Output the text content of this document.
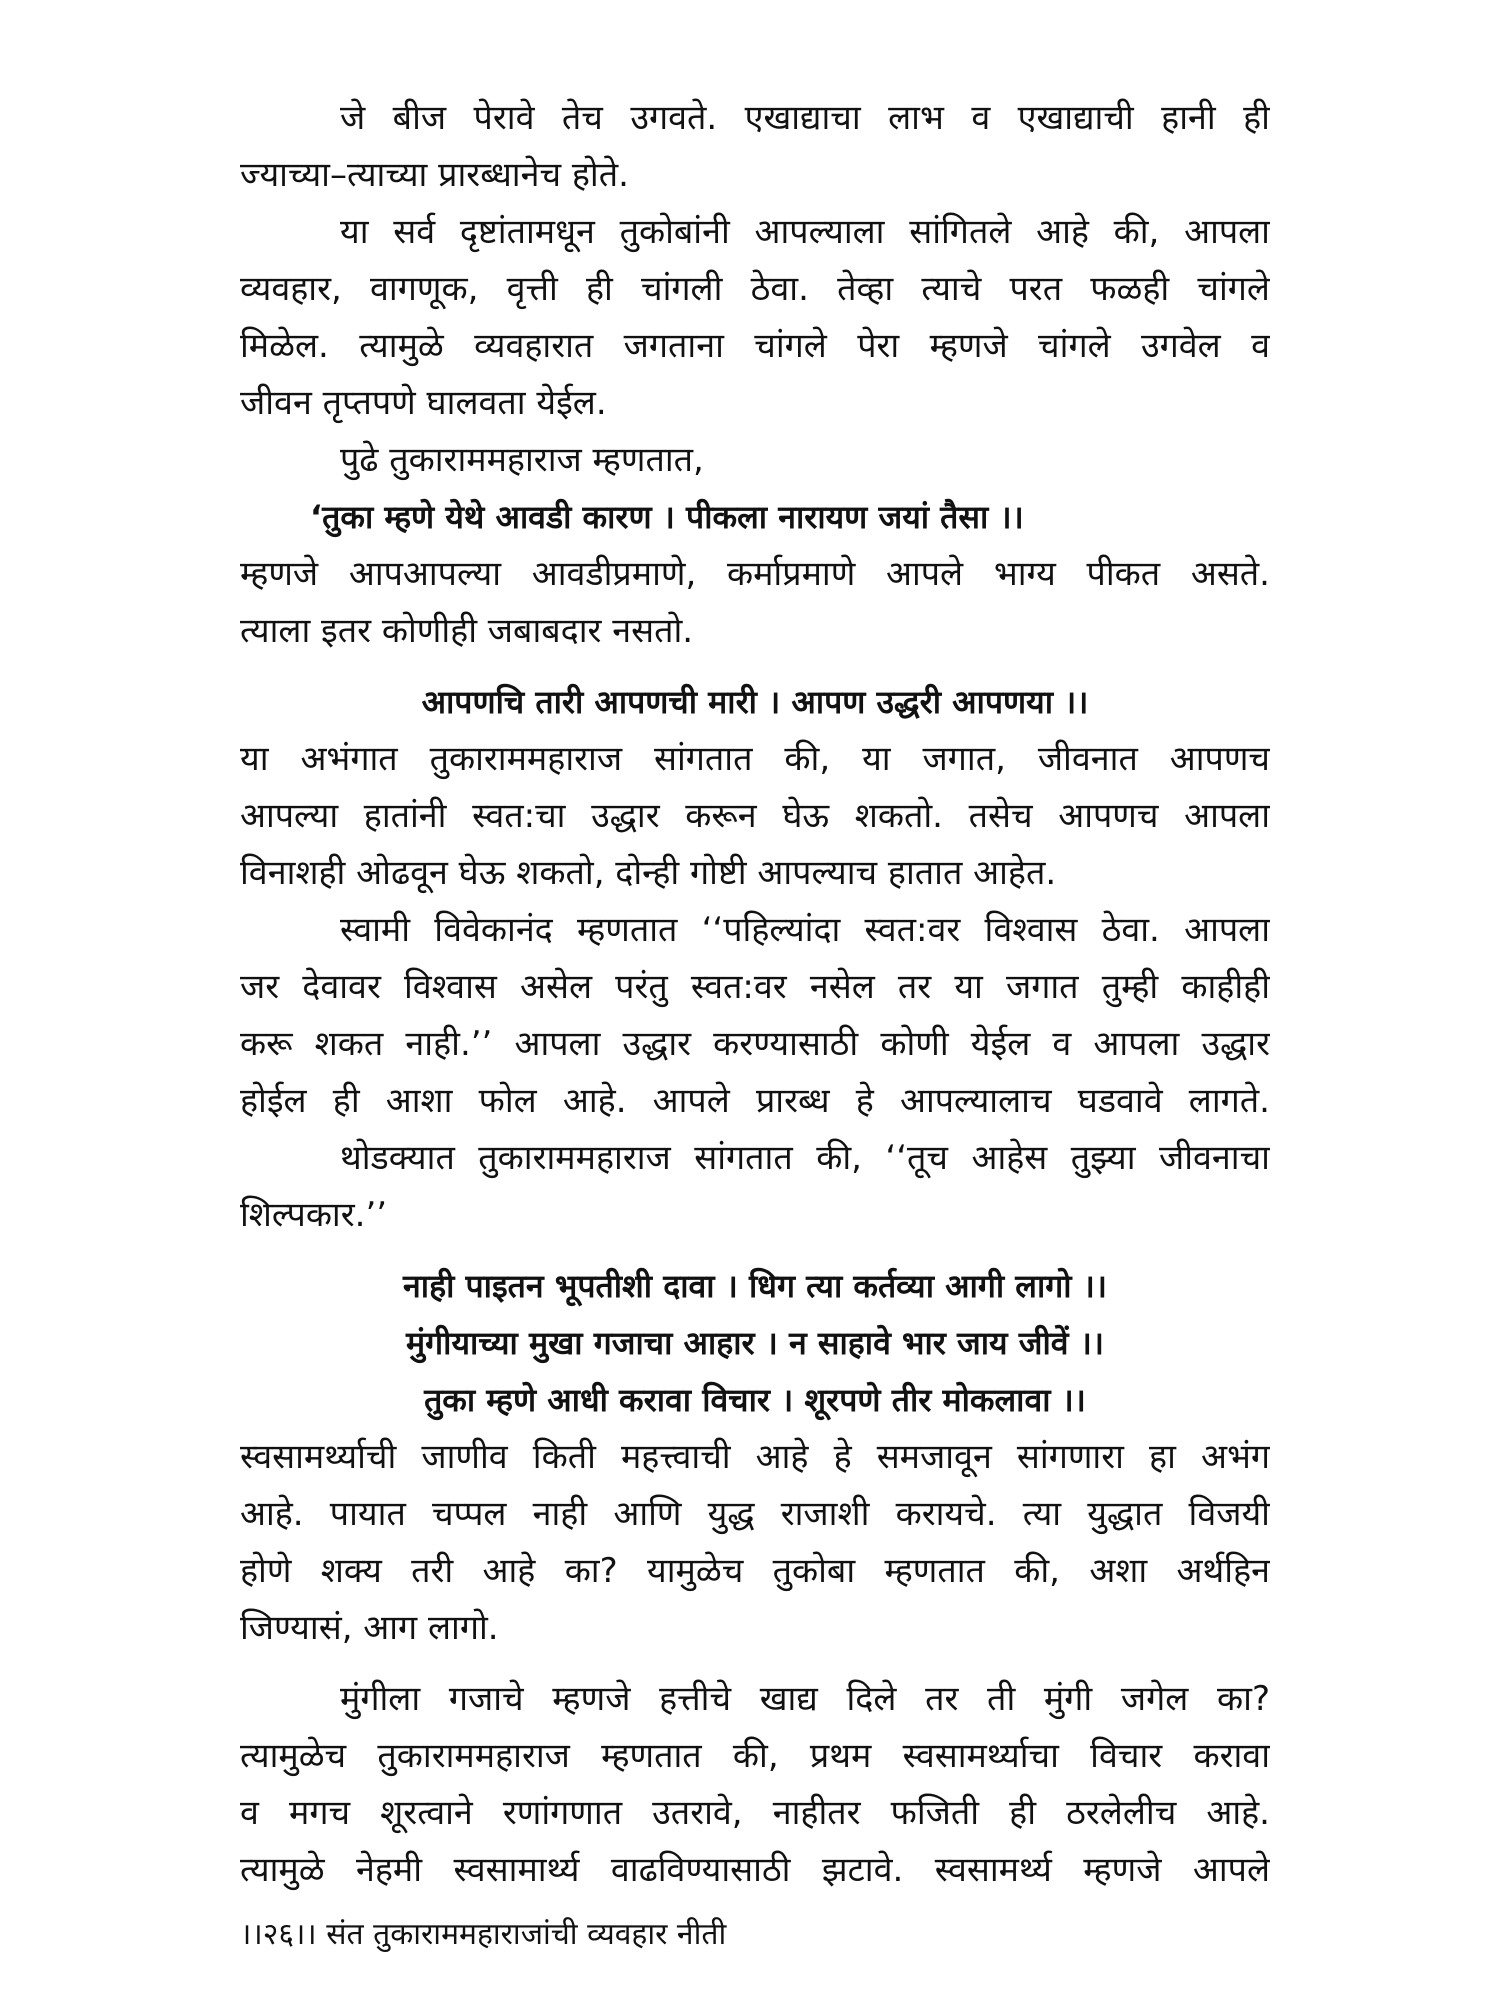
जे बीज पेरावे तेच उगवते. एखाद्याचा लाभ व एखाद्याची हानी ही
ज्याच्या–त्याच्या प्रारब्धानेच होते.
या सर्व दृष्टांतामधून तुकोबांनी आपल्याला सांगितले आहे की, आपला
व्यवहार, वागणूक, वृत्ती ही चांगली ठेवा. तेव्हा त्याचे परत फळही चांगले
मिळेल. त्यामुळे व्यवहारात जगताना चांगले पेरा म्हणजे चांगले उगवेल व
जीवन तृप्तपणे घालवता येईल.
पुढे तुकाराममहाराज म्हणतात,
‘तुका म्हणे येथे आवडी कारण । पीकला नारायण जयां तैसा ।।
म्हणजे आपआपल्या आवडीप्रमाणे, कर्माप्रमाणे आपले भाग्य पीकत असते.
त्याला इतर कोणीही जबाबदार नसतो.
आपणचि तारी आपणची मारी । आपण उद्धरी आपणया ।।
या अभंगात तुकाराममहाराज सांगतात की, या जगात, जीवनात आपणच
आपल्या हातांनी स्वत:चा उद्धार करून घेऊ शकतो. तसेच आपणच आपला
विनाशही ओढवून घेऊ शकतो, दोन्ही गोष्टी आपल्याच हातात आहेत.
स्वामी विवेकानंद म्हणतात ‘‘पहिल्यांदा स्वत:वर विश्वास ठेवा. आपला
जर देवावर विश्वास असेल परंतु स्वत:वर नसेल तर या जगात तुम्ही काहीही
करू शकत नाही.’’ आपला उद्धार करण्यासाठी कोणी येईल व आपला उद्धार
होईल ही आशा फोल आहे. आपले प्रारब्ध हे आपल्यालाच घडवावे लागते.
थोडक्यात तुकाराममहाराज सांगतात की, ‘‘तूच आहेस तुझ्या जीवनाचा
शिल्पकार.’’
नाही पाइतन भूपतीशी दावा । धिग त्या कर्तव्या आगी लागो ।।
मुंगीयाच्या मुखा गजाचा आहार । न साहावे भार जाय जीवें ।।
तुका म्हणे आधी करावा विचार । शूरपणे तीर मोकलावा ।।
स्वसामर्थ्याची जाणीव किती महत्त्वाची आहे हे समजावून सांगणारा हा अभंग
आहे. पायात चप्पल नाही आणि युद्ध राजाशी करायचे. त्या युद्धात विजयी
होणे शक्य तरी आहे का? यामुळेच तुकोबा म्हणतात की, अशा अर्थहिन
जिण्यासं, आग लागो.
मुंगीला गजाचे म्हणजे हत्तीचे खाद्य दिले तर ती मुंगी जगेल का?
त्यामुळेच तुकाराममहाराज म्हणतात की, प्रथम स्वसामर्थ्याचा विचार करावा
व मगच शूरत्वाने रणांगणात उतरावे, नाहीतर फजिती ही ठरलेलीच आहे.
त्यामुळे नेहमी स्वसामार्थ्य वाढविण्यासाठी झटावे. स्वसामर्थ्य म्हणजे आपले
।।२६।। संत तुकाराममहाराजांची व्यवहार नीती
